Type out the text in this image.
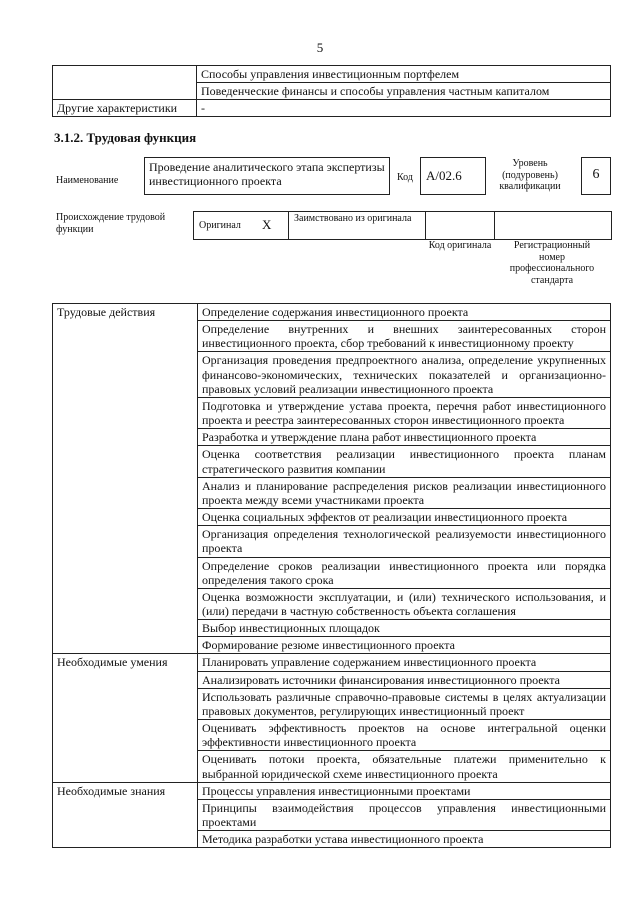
5
	Способы управления инвестиционным портфелем
	Поведенческие финансы и способы управления частным капиталом
Другие характеристики	-
3.1.2. Трудовая функция
Наименование
Проведение аналитического этапа экспертизы инвестиционного проекта	Код	A/02.6
Уровень (подуровень) квалификации
6
Происхождение трудовой функции	Оригинал X Заимствовано из оригинала
Код оригинала	Регистрационный номер профессионального стандарта
Трудовые действия	Определение содержания инвестиционного проекта
	Определение внутренних и внешних заинтересованных сторон инвестиционного проекта, сбор требований к инвестиционному проекту
	Организация проведения предпроектного анализа, определение укрупненных финансово-экономических, технических показателей и организационно-правовых условий реализации инвестиционного проекта
	Подготовка и утверждение устава проекта, перечня работ инвестиционного проекта и реестра заинтересованных сторон инвестиционного проекта
	Разработка и утверждение плана работ инвестиционного проекта
	Оценка соответствия реализации инвестиционного проекта планам стратегического развития компании
	Анализ и планирование распределения рисков реализации инвестиционного проекта между всеми участниками проекта
	Оценка социальных эффектов от реализации инвестиционного проекта
	Организация определения технологической реализуемости инвестиционного проекта
	Определение сроков реализации инвестиционного проекта или порядка определения такого срока
	Оценка возможности эксплуатации, и (или) технического использования, и (или) передачи в частную собственность объекта соглашения
	Выбор инвестиционных площадок
	Формирование резюме инвестиционного проекта
Необходимые умения	Планировать управление содержанием инвестиционного проекта
	Анализировать источники финансирования инвестиционного проекта
	Использовать различные справочно-правовые системы в целях актуализации правовых документов, регулирующих инвестиционный проект
	Оценивать эффективность проектов на основе интегральной оценки эффективности инвестиционного проекта
	Оценивать потоки проекта, обязательные платежи применительно к выбранной юридической схеме инвестиционного проекта
Необходимые знания	Процессы управления инвестиционными проектами
	Принципы взаимодействия процессов управления инвестиционными проектами
	Методика разработки устава инвестиционного проекта
